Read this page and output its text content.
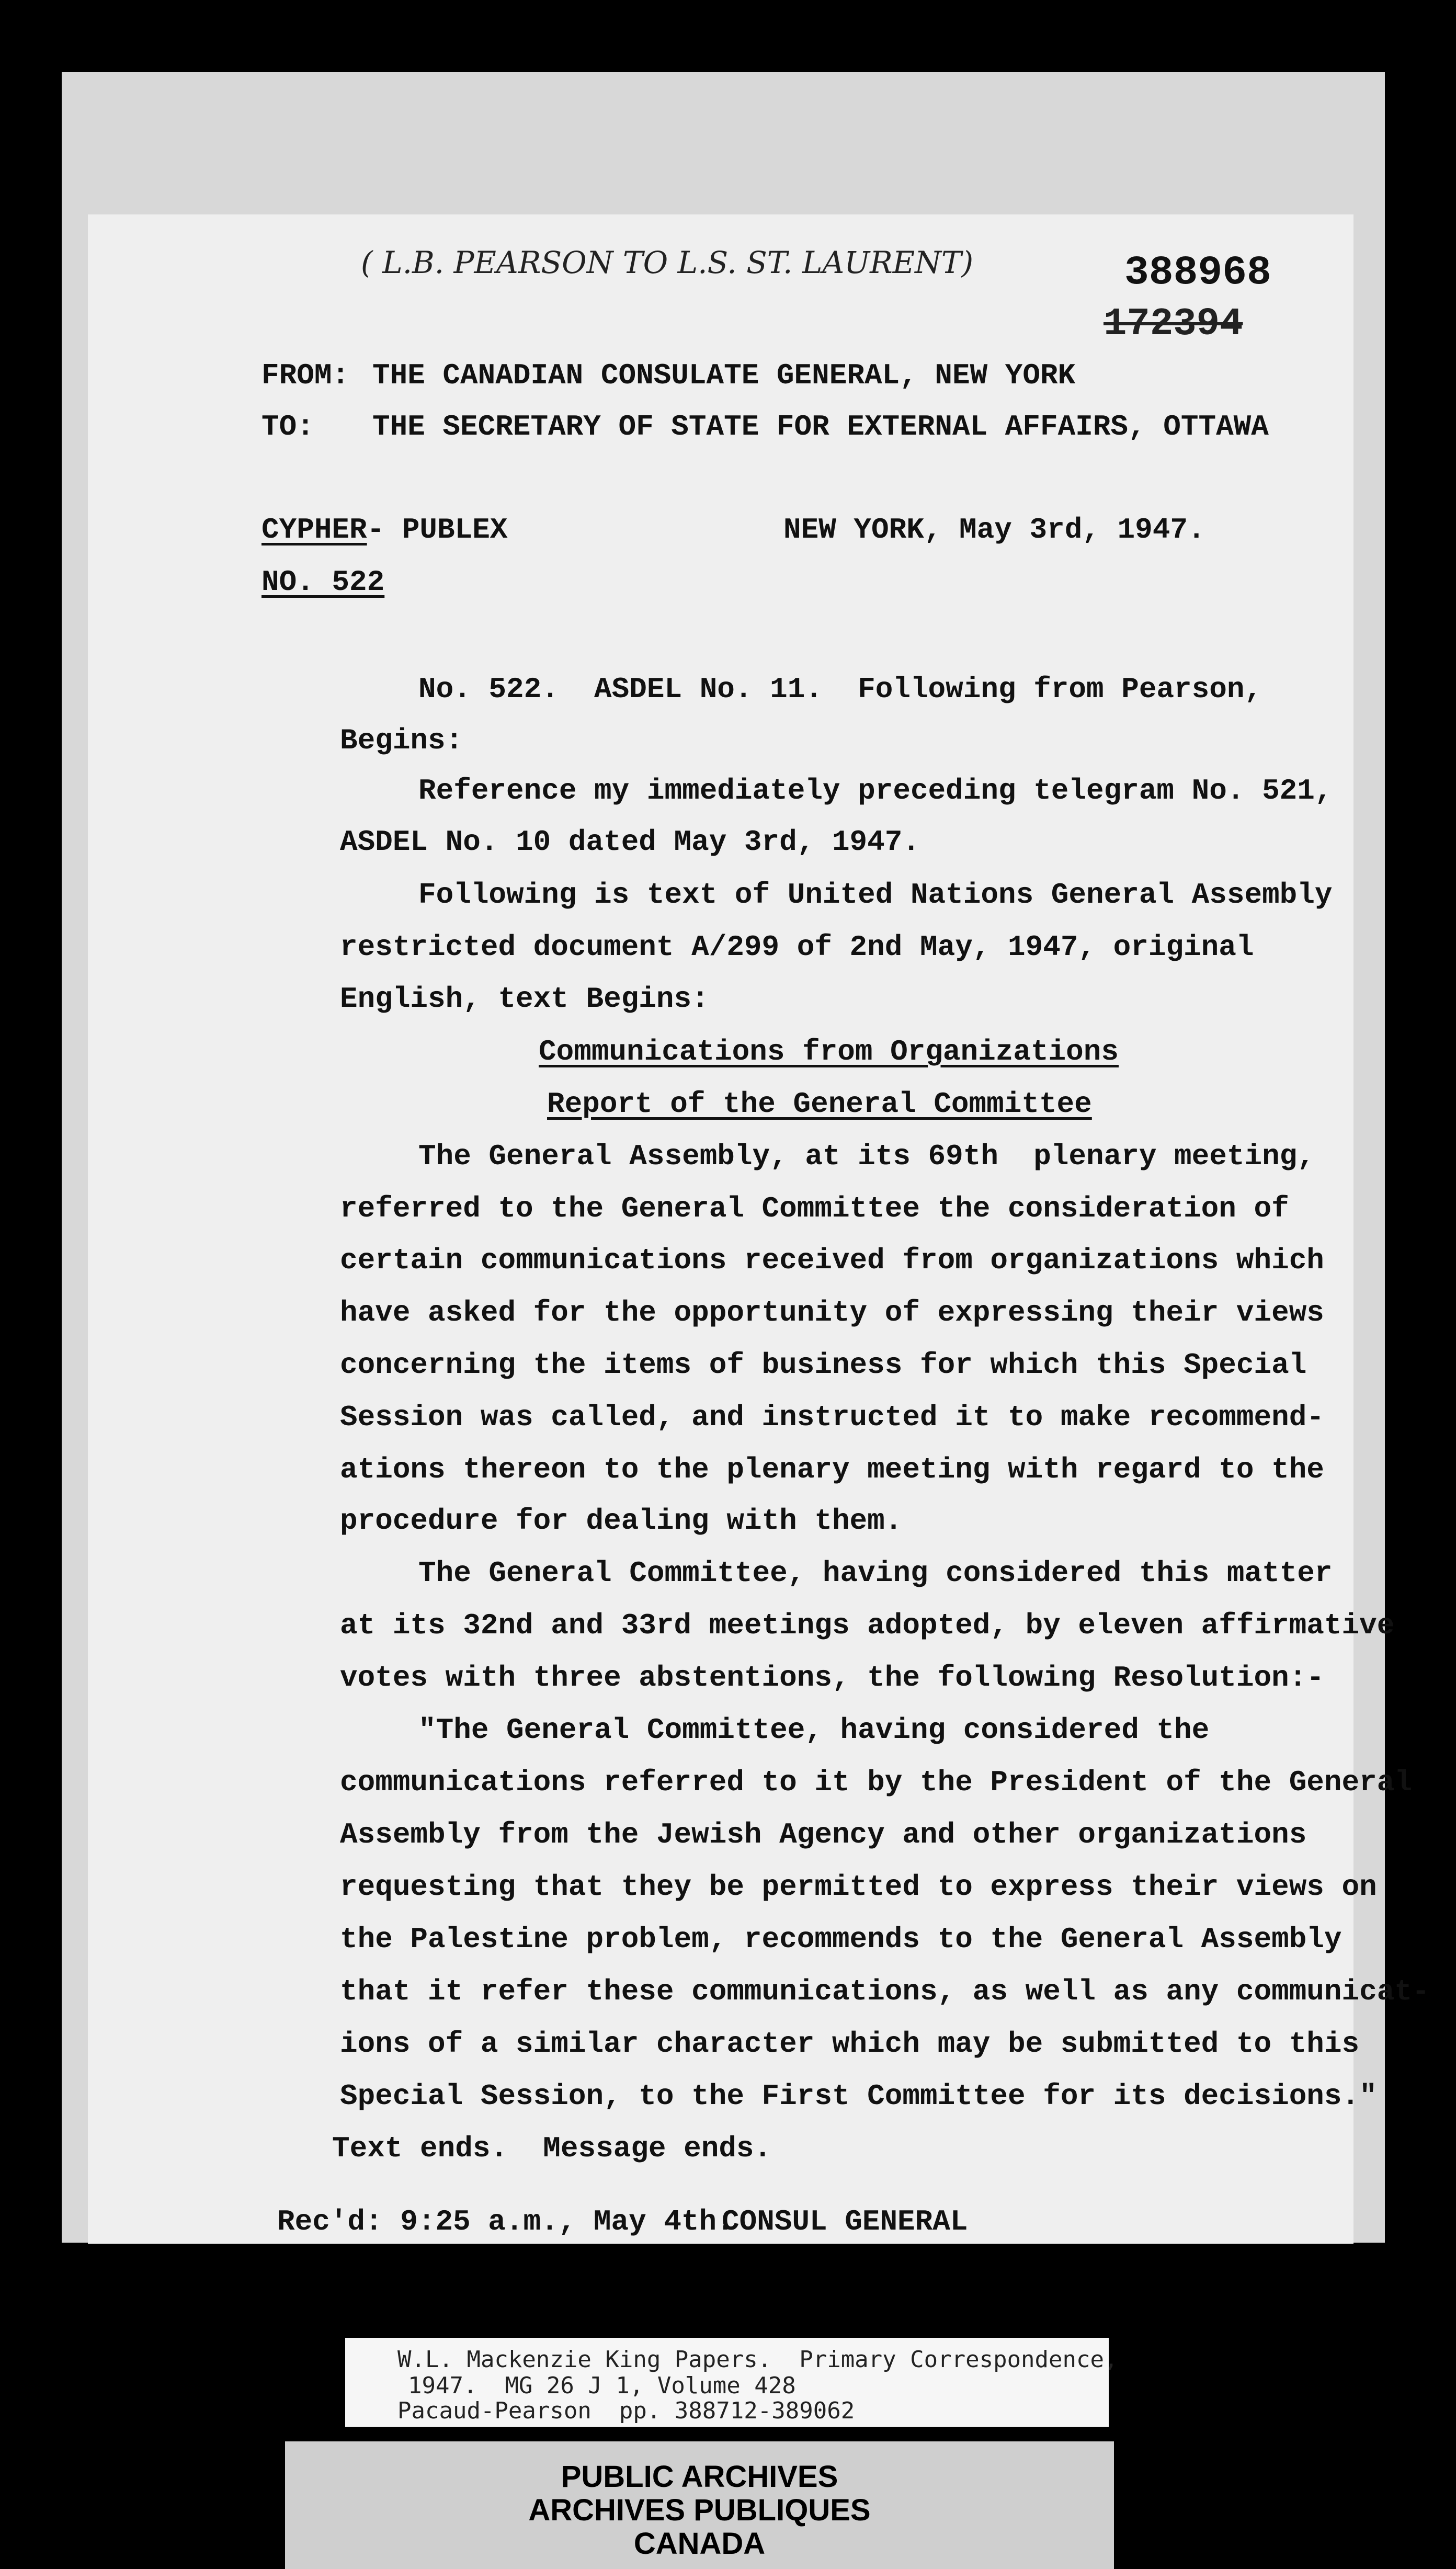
( L.B. PEARSON TO L.S. ST. LAURENT)	388968
172394
FROM: THE CANADIAN CONSULATE GENERAL, NEW YORK
TO: THE SECRETARY OF STATE FOR EXTERNAL AFFAIRS, OTTAWA
CYPHER
- PUBLEX	NEW YORK, May 3rd, 1947.
NO. 522
No. 522.  ASDEL No. 11.  Following from Pearson,
Begins:
Reference my immediately preceding telegram No. 521,
ASDEL No. 10 dated May 3rd, 1947.
Following is text of United Nations General Assembly
restricted document A/299 of 2nd May, 1947, original
English, text Begins:
Communications from Organizations
Report of the General Committee
The General Assembly, at its 69th  plenary meeting,
referred to the General Committee the consideration of
certain communications received from organizations which
have asked for the opportunity of expressing their views
concerning the items of business for which this Special
Session was called, and instructed it to make recommend-
ations thereon to the plenary meeting with regard to the
procedure for dealing with them.
The General Committee, having considered this matter
at its 32nd and 33rd meetings adopted, by eleven affirmative
votes with three abstentions, the following Resolution:-
"The General Committee, having considered the
communications referred to it by the President of the General
Assembly from the Jewish Agency and other organizations
requesting that they be permitted to express their views on
the Palestine problem, recommends to the General Assembly
that it refer these communications, as well as any communicat-
ions of a similar character which may be submitted to this
Special Session, to the First Committee for its decisions."
Text ends.  Message ends.
Rec'd: 9:25 a.m., May 4th.
CONSUL GENERAL
W.L. Mackenzie King Papers.  Primary Correspondence,
1947.  MG 26 J 1, Volume 428
Pacaud-Pearson  pp. 388712-389062
PUBLIC ARCHIVES
ARCHIVES PUBLIQUES
CANADA
